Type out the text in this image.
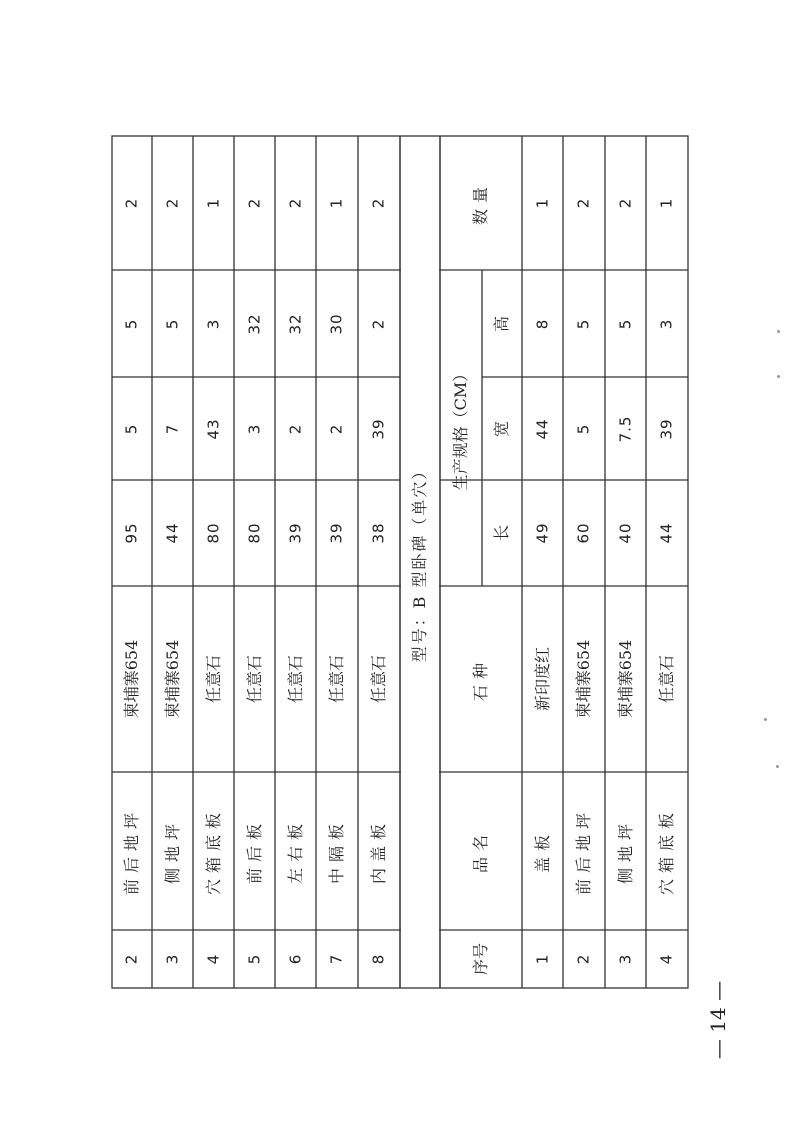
2
前后地坪
柬埔寨654
95
5
5
2
3
侧地坪
柬埔寨654
44
7
5
2
4
穴箱底板
任意石
80
43
3
1
5
前后板
任意石
80
3
32
2
6
左右板
任意石
39
2
32
2
7
中隔板
任意石
39
2
30
1
8
内盖板
任意石
38
39
2
2
型号：B 型卧碑（单穴）
序号
品名
石种
生产规格（CM）
长
宽
高
数量
1
盖板
新印度红
49
44
8
1
2
前后地坪
柬埔寨654
60
5
5
2
3
侧地坪
柬埔寨654
40
7.5
5
2
4
穴箱底板
任意石
44
39
3
1
— 14 —
